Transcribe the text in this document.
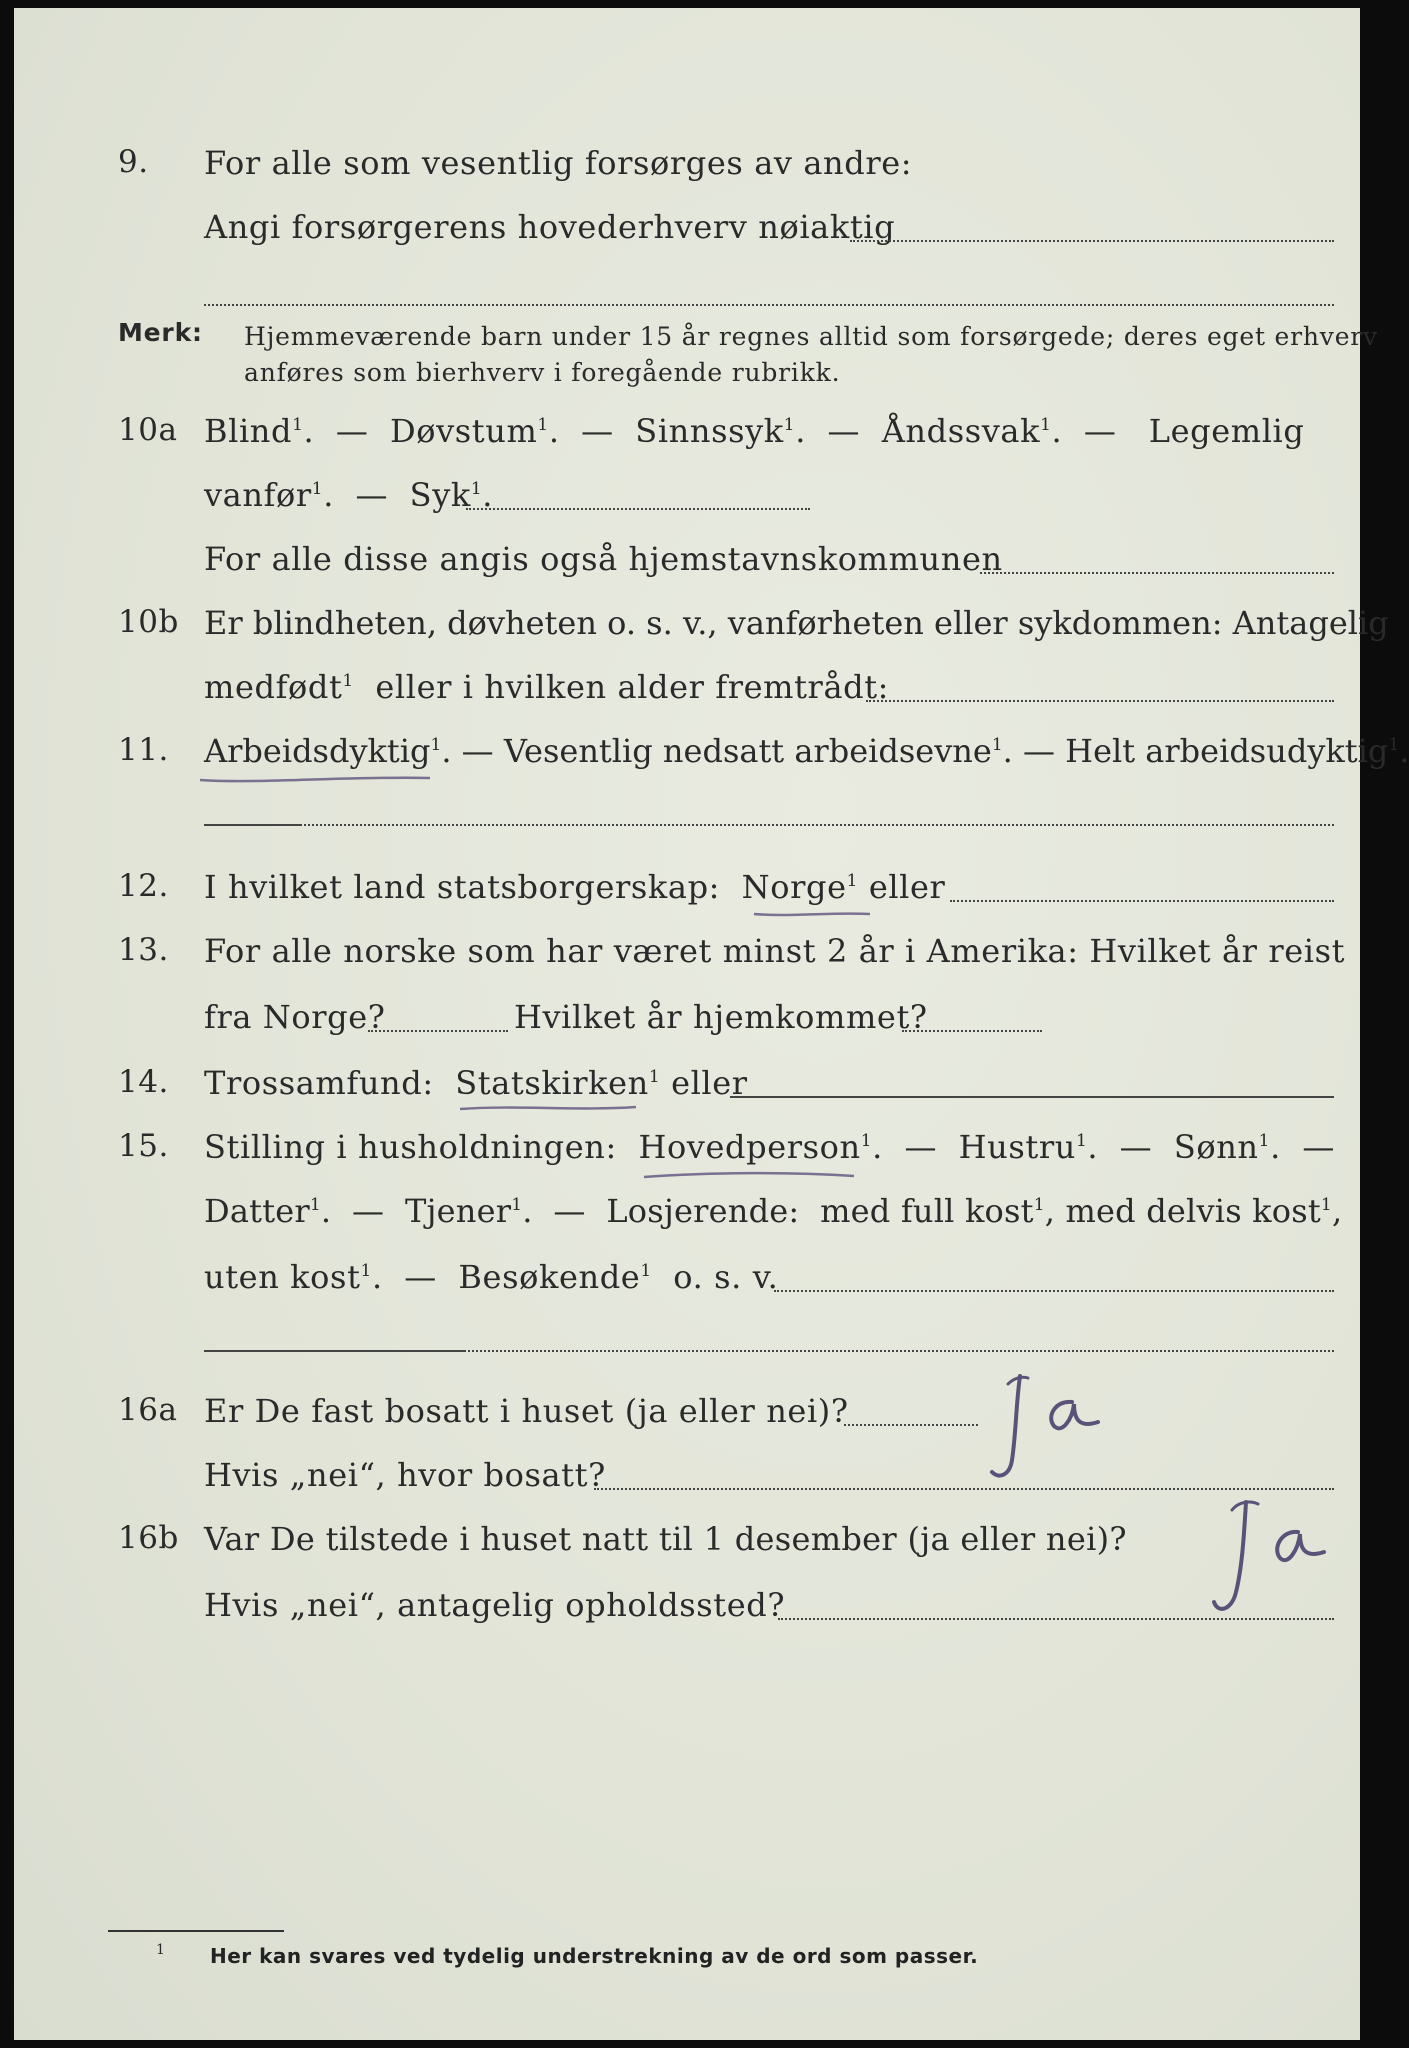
9. For alle som vesentlig forsørges av andre:
Angi forsørgerens hovederhverv nøiaktig
Merk: Hjemmeværende barn under 15 år regnes alltid som forsørgede; deres eget erhverv
anføres som bierhverv i foregående rubrikk.
10a Blind$^1$.  —  Døvstum$^1$.  —  Sinnssyk$^1$.  —  Åndssvak$^1$.  —   Legemlig
vanfør$^1$.  —  Syk$^1$.
For alle disse angis også hjemstavnskommunen
10b Er blindheten, døvheten o. s. v., vanførheten eller sykdommen: Antagelig
medfødt$^1$ eller i hvilken alder fremtrådt:
11. Arbeidsdyktig$^1$. — Vesentlig nedsatt arbeidsevne$^1$. — Helt arbeidsudyktig$^1$.
12. I hvilket land statsborgerskap: Norge$^1$ eller
13. For alle norske som har været minst 2 år i Amerika: Hvilket år reist
fra Norge?	Hvilket år hjemkommet?
14. Trossamfund: Statskirken$^1$ eller
15. Stilling i husholdningen: Hovedperson$^1$.  —  Hustru$^1$.  —  Sønn$^1$.  —
Datter$^1$.  —  Tjener$^1$.  —  Losjerende: med full kost$^1$, med delvis kost$^1$,
uten kost$^1$.  —  Besøkende$^1$ o. s. v.
16a Er De fast bosatt i huset (ja eller nei)?
Hvis „nei“, hvor bosatt?
16b Var De tilstede i huset natt til 1 desember (ja eller nei)?
Hvis „nei“, antagelig opholdssted?
1 Her kan svares ved tydelig understrekning av de ord som passer.
